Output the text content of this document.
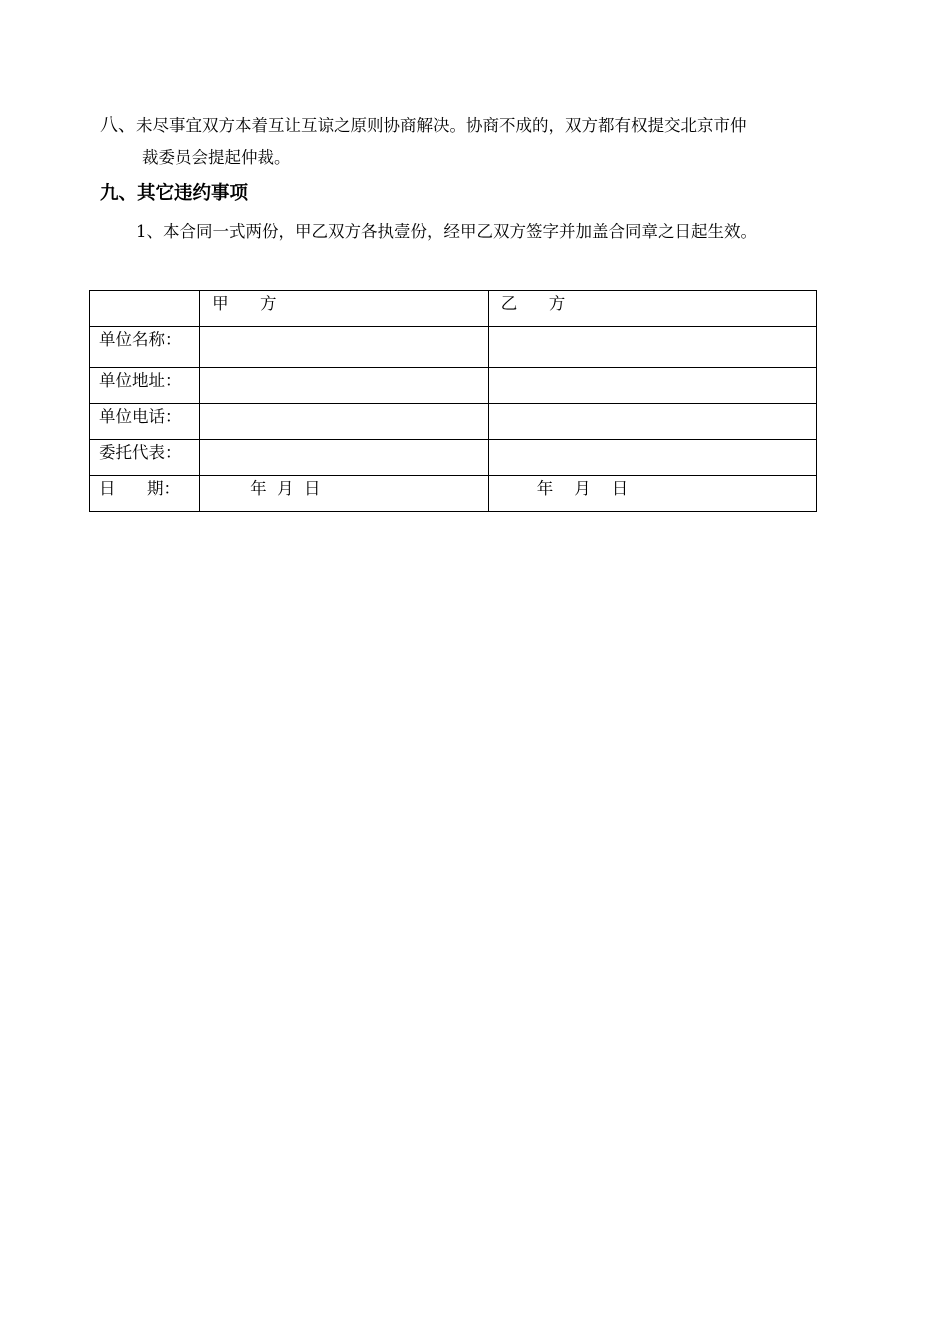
八、未尽事宜双方本着互让互谅之原则协商解决。协商不成的，双方都有权提交北京市仲
裁委员会提起仲裁。
九、其它违约事项
1、本合同一式两份，甲乙双方各执壹份，经甲乙双方签字并加盖合同章之日起生效。
	甲      方	乙      方
单位名称：		
单位地址：		
单位电话：		
委托代表：		
日      期：	年  月  日	年    月    日
